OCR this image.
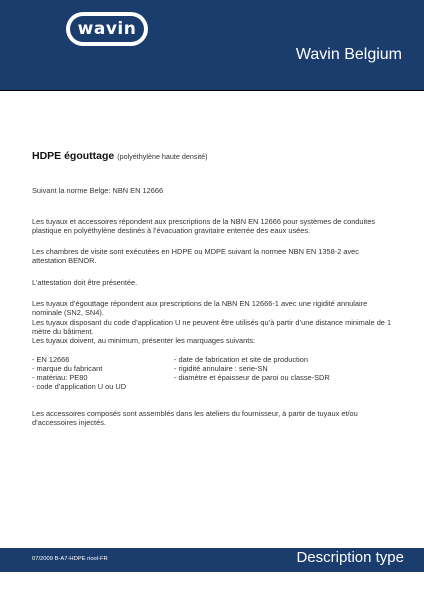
wavin
Wavin Belgium

HDPE égouttage (polyéthylène haute densité)

Suivant la norme Belge: NBN EN 12666

Les tuyaux et accessoires répondent aux prescriptions de la NBN EN 12666 pour systèmes de conduites plastique en polyéthylène destinés à l’évacuation gravitaire enterrée des eaux usées.

Les chambres de visite sont exécutées en HDPE ou MDPE suivant la normee NBN EN 1358-2 avec attestation BENOR.

L’attestation doit être présentée.

Les tuyaux d’égouttage répondent aux prescriptions de la NBN EN 12666-1 avec une rigidité annulaire nominale (SN2, SN4).

Les tuyaux disposant du code d’application U ne peuvent être utilisés qu’à partir d’une distance minimale de 1 mètre du bâtiment.

Les tuyaux doivent, au minimum, présenter les marquages suivants:

- EN 12666	- date de fabrication et site de production

- marque du fabricant	- rigidité annulaire : serie-SN

- matériau: PE80	- diamètre et épaisseur de paroi ou classe-SDR

- code d’application U ou UD

Les accessoires composés sont assemblés dans les ateliers du fournisseur, à partir de tuyaux et/ou d’accessoires injectés.

07/2009 B-A7-HDPE riool-FR	Description type
